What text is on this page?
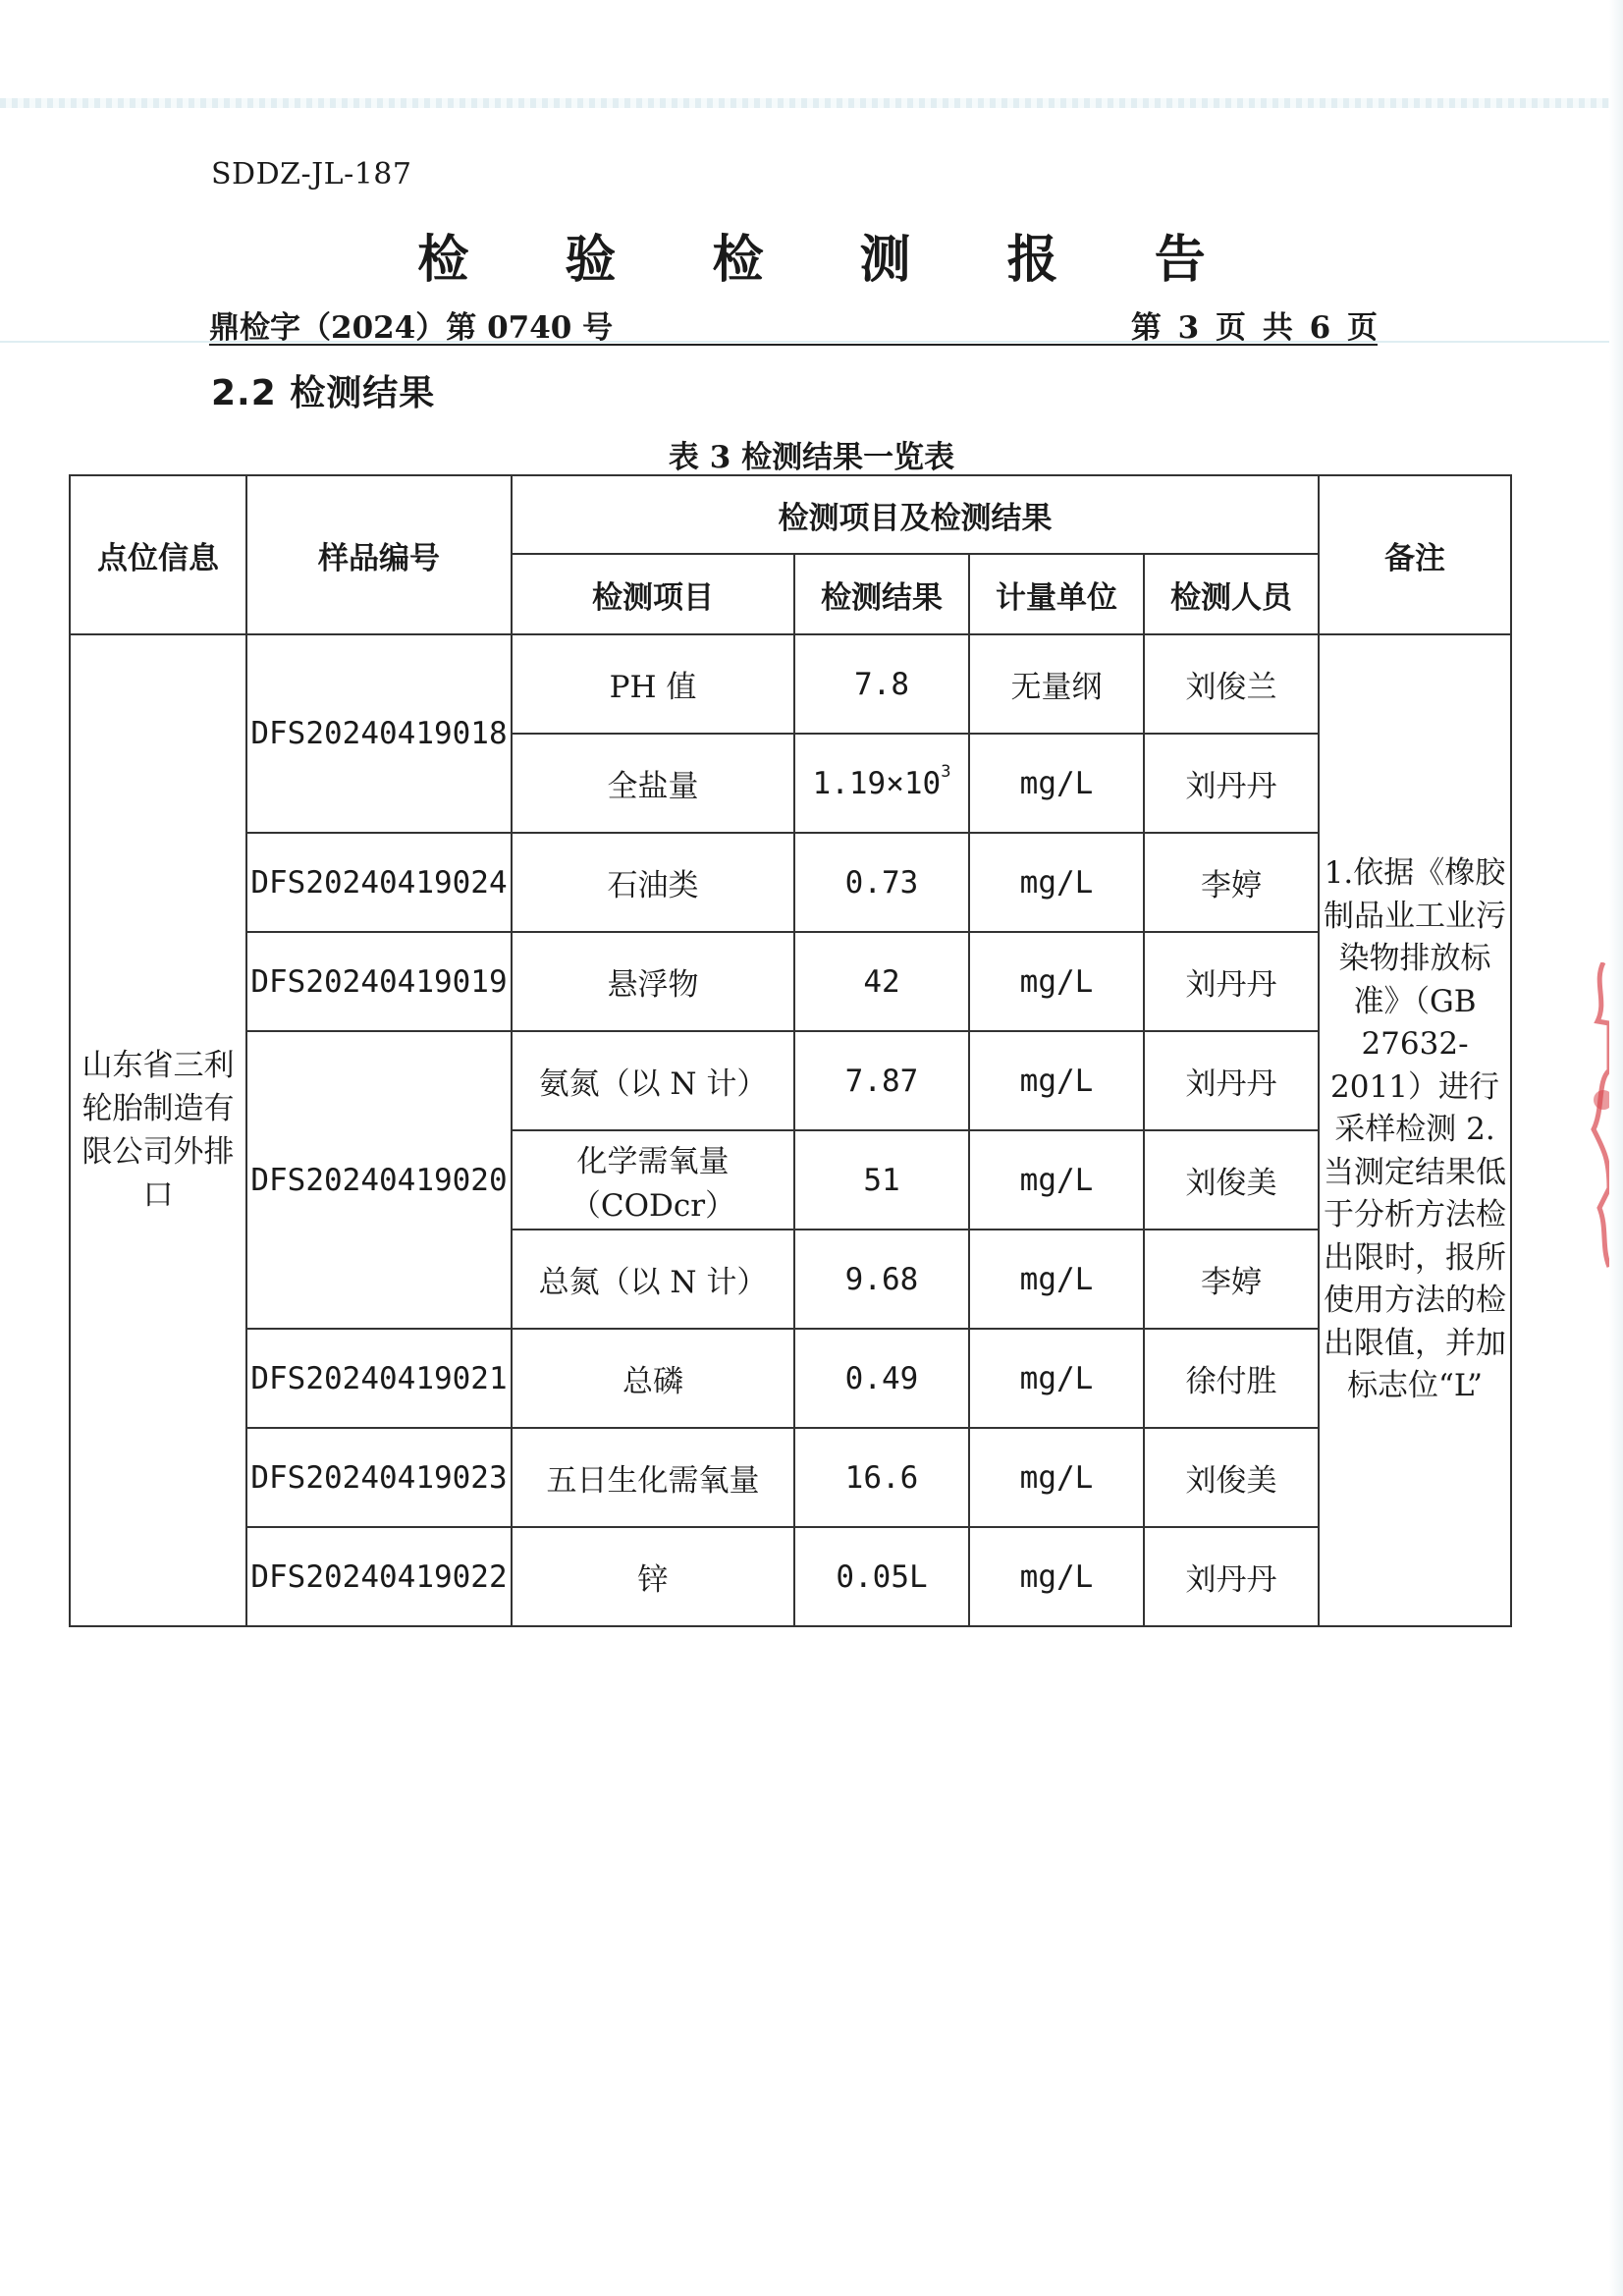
SDDZ-JL-187
检 验 检 测 报 告
鼎检字（2024）第 0740 号	第 3 页 共 6 页
2.2 检测结果
表 3 检测结果一览表
点位信息	样品编号	检测项目及检测结果				备注
		检测项目	检测结果	计量单位	检测人员	
山东省三利轮胎制造有限公司外排口	DFS20240419018	PH 值	7.8	无量纲	刘俊兰	1.依据《橡胶制品业工业污染物排放标准》（GB 27632-2011）进行采样检测 2.当测定结果低于分析方法检出限时，报所使用方法的检出限值，并加标志位“L”
		全盐量	$1.19\times 10^3$	mg/L	刘丹丹	
	DFS20240419024	石油类	0.73	mg/L	李婷	
	DFS20240419019	悬浮物	42	mg/L	刘丹丹	
	DFS20240419020	氨氮（以 N 计）	7.87	mg/L	刘丹丹	

		化学需氧量
（CODcr）	51	mg/L	刘俊美	
		总氮（以 N 计）	9.68	mg/L	李婷	
	DFS20240419021	总磷	0.49	mg/L	徐付胜	
	DFS20240419023	五日生化需氧量	16.6	mg/L	刘俊美	
	DFS20240419022	锌	0.05L	mg/L	刘丹丹	
